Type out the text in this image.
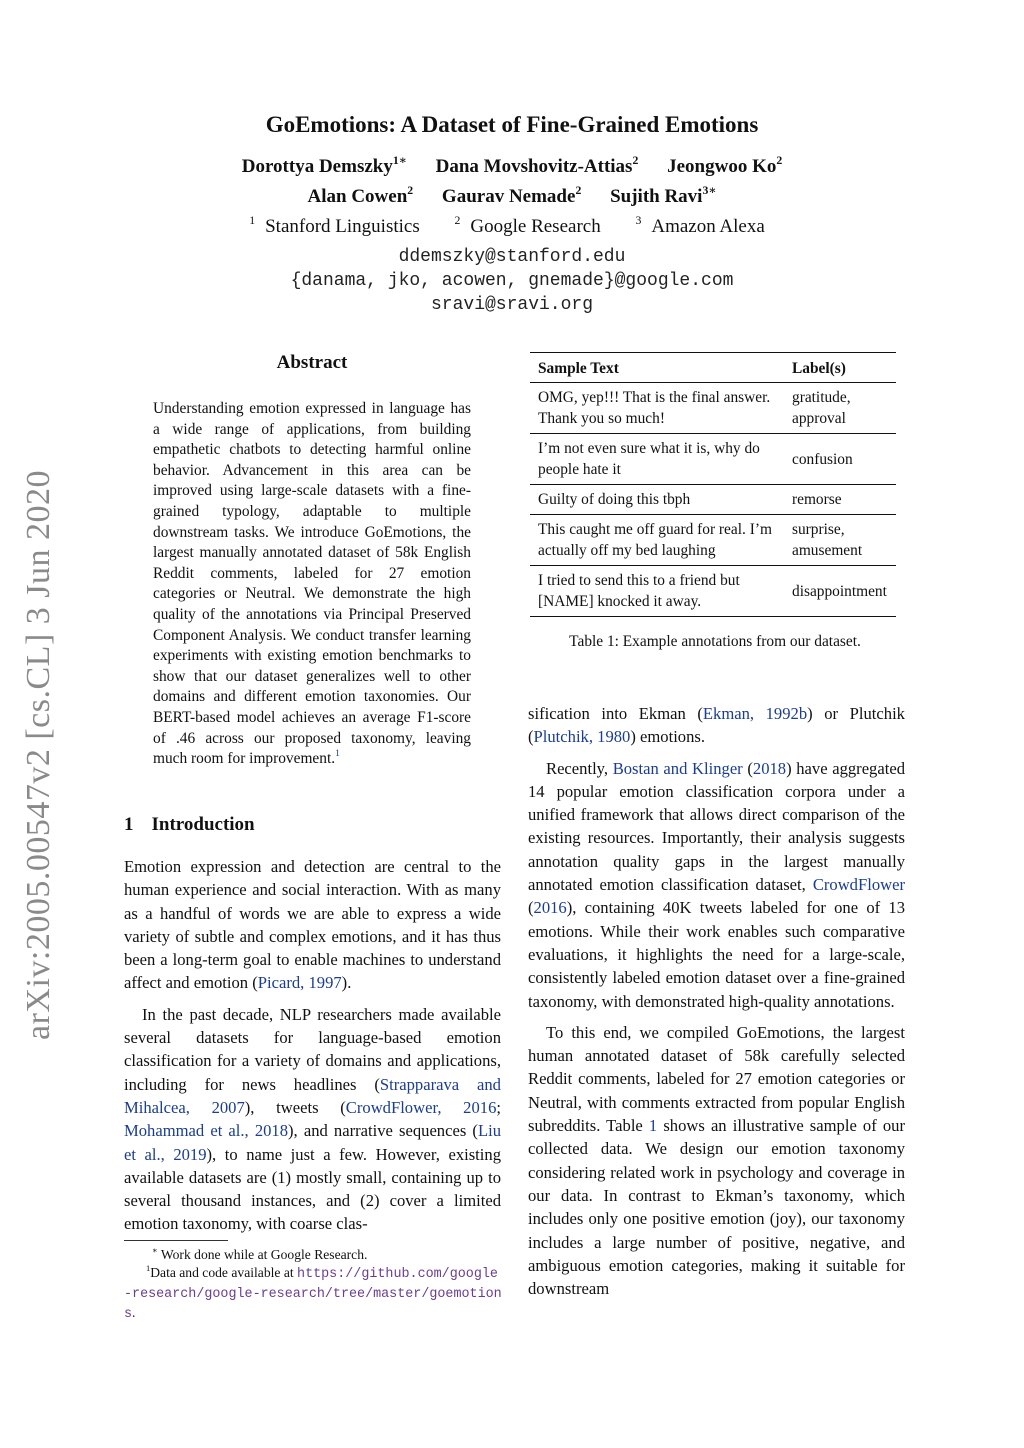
GoEmotions: A Dataset of Fine-Grained Emotions
Dorottya Demszky$^{1∗}$ Dana Movshovitz-Attias$^2$ Jeongwoo Ko$^2$
Alan Cowen$^2$ Gaurav Nemade$^2$ Sujith Ravi$^{3∗}$
$^1$ Stanford Linguistics	$^2$ Google Research	$^3$ Amazon Alexa
ddemszky@stanford.edu
{danama, jko, acowen, gnemade}@google.com
sravi@sravi.org
arXiv:2005.00547v2 [cs.CL] 3 Jun 2020
Abstract
Understanding emotion expressed in language has a wide range of applications, from building empathetic chatbots to detecting harmful online behavior. Advancement in this area can be improved using large-scale datasets with a fine-grained typology, adaptable to multiple downstream tasks. We introduce GoEmotions, the largest manually annotated dataset of 58k English Reddit comments, labeled for 27 emotion categories or Neutral. We demonstrate the high quality of the annotations via Principal Preserved Component Analysis. We conduct transfer learning experiments with existing emotion benchmarks to show that our dataset generalizes well to other domains and different emotion taxonomies. Our BERT-based model achieves an average F1-score of .46 across our proposed taxonomy, leaving much room for improvement.$^1$
1 Introduction

Emotion expression and detection are central to the human experience and social interaction. With as many as a handful of words we are able to express a wide variety of subtle and complex emotions, and it has thus been a long-term goal to enable machines to understand affect and emotion (Picard, 1997).

In the past decade, NLP researchers made available several datasets for language-based emotion classification for a variety of domains and applications, including for news headlines (Strapparava and Mihalcea, 2007), tweets (CrowdFlower, 2016; Mohammad et al., 2018), and narrative sequences (Liu et al., 2019), to name just a few. However, existing available datasets are (1) mostly small, containing up to several thousand instances, and (2) cover a limited emotion taxonomy, with coarse clas-

∗ Work done while at Google Research.
$^1$Data and code available at https://github.com/google-research/google-research/tree/master/goemotions.
Sample Text	Label(s)
OMG, yep!!! That is the final answer. Thank you so much!	gratitude, approval
I’m not even sure what it is, why do people hate it	confusion
Guilty of doing this tbph	remorse
This caught me off guard for real. I’m actually off my bed laughing	surprise, amusement
I tried to send this to a friend but [NAME] knocked it away.	disappointment
Table 1: Example annotations from our dataset.

sification into Ekman (Ekman, 1992b) or Plutchik (Plutchik, 1980) emotions.

Recently, Bostan and Klinger (2018) have aggregated 14 popular emotion classification corpora under a unified framework that allows direct comparison of the existing resources. Importantly, their analysis suggests annotation quality gaps in the largest manually annotated emotion classification dataset, CrowdFlower (2016), containing 40K tweets labeled for one of 13 emotions. While their work enables such comparative evaluations, it highlights the need for a large-scale, consistently labeled emotion dataset over a fine-grained taxonomy, with demonstrated high-quality annotations.

To this end, we compiled GoEmotions, the largest human annotated dataset of 58k carefully selected Reddit comments, labeled for 27 emotion categories or Neutral, with comments extracted from popular English subreddits. Table 1 shows an illustrative sample of our collected data. We design our emotion taxonomy considering related work in psychology and coverage in our data. In contrast to Ekman’s taxonomy, which includes only one positive emotion (joy), our taxonomy includes a large number of positive, negative, and ambiguous emotion categories, making it suitable for downstream
